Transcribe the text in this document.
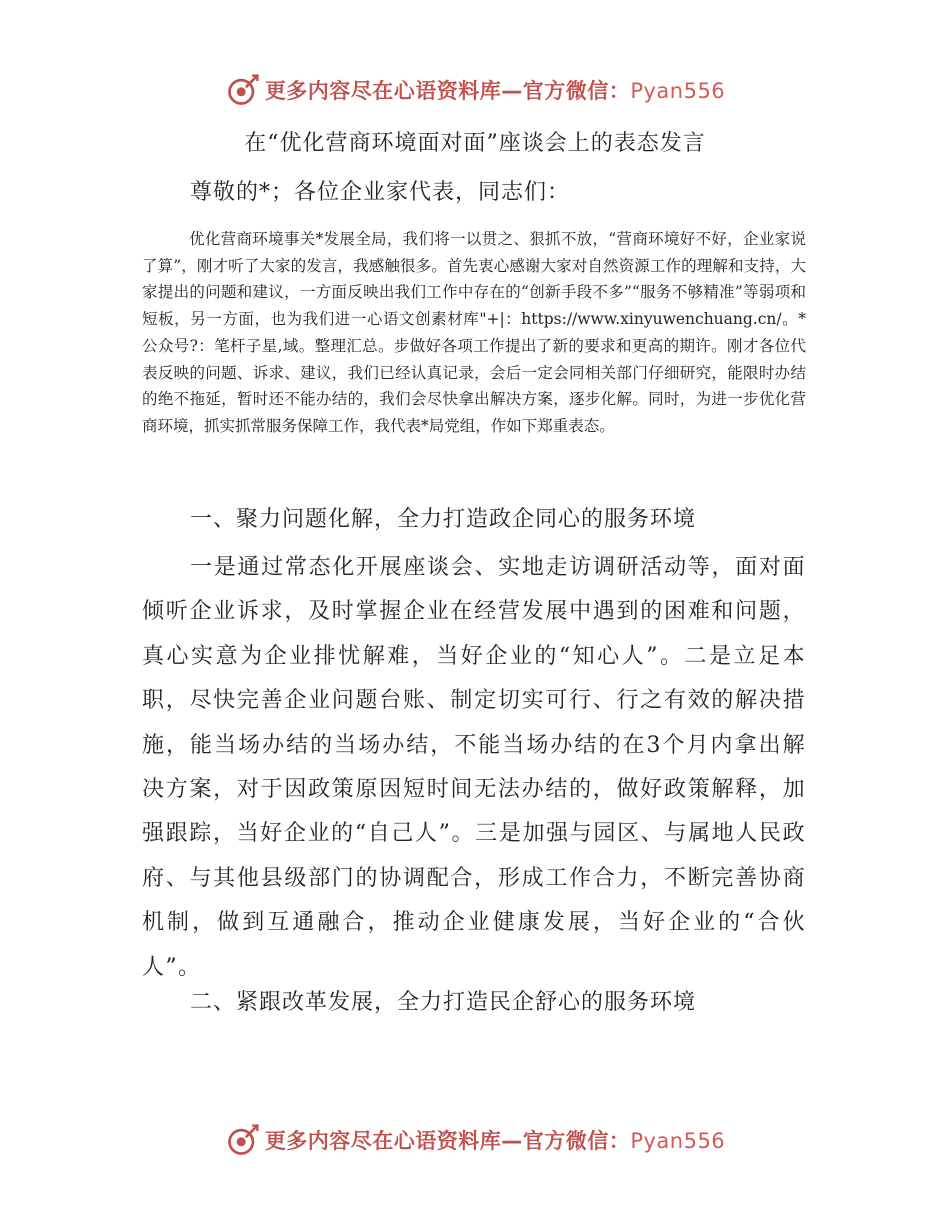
更多内容尽在心语资料库—官方微信：Pyan556
在“优化营商环境面对面”座谈会上的表态发言
尊敬的*；各位企业家代表，同志们：

优化营商环境事关*发展全局，我们将一以贯之、狠抓不放，“营商环境好不好，企业家说了算”，刚才听了大家的发言，我感触很多。首先衷心感谢大家对自然资源工作的理解和支持，大家提出的问题和建议，一方面反映出我们工作中存在的“创新手段不多”“服务不够精准”等弱项和短板，另一方面，也为我们进一心语文创素材库"+|：https://www.xinyuwenchuang.cn/。*公众号?：笔杆子星,域。整理汇总。步做好各项工作提出了新的要求和更高的期许。刚才各位代表反映的问题、诉求、建议，我们已经认真记录，会后一定会同相关部门仔细研究，能限时办结的绝不拖延，暂时还不能办结的，我们会尽快拿出解决方案，逐步化解。同时，为进一步优化营商环境，抓实抓常服务保障工作，我代表*局党组，作如下郑重表态。

一、聚力问题化解，全力打造政企同心的服务环境

一是通过常态化开展座谈会、实地走访调研活动等，面对面倾听企业诉求，及时掌握企业在经营发展中遇到的困难和问题，真心实意为企业排忧解难，当好企业的“知心人”。二是立足本职，尽快完善企业问题台账、制定切实可行、行之有效的解决措施，能当场办结的当场办结，不能当场办结的在3个月内拿出解决方案，对于因政策原因短时间无法办结的，做好政策解释，加强跟踪，当好企业的“自己人”。三是加强与园区、与属地人民政府、与其他县级部门的协调配合，形成工作合力，不断完善协商机制，做到互通融合，推动企业健康发展，当好企业的“合伙人”。

二、紧跟改革发展，全力打造民企舒心的服务环境

更多内容尽在心语资料库—官方微信：Pyan556
